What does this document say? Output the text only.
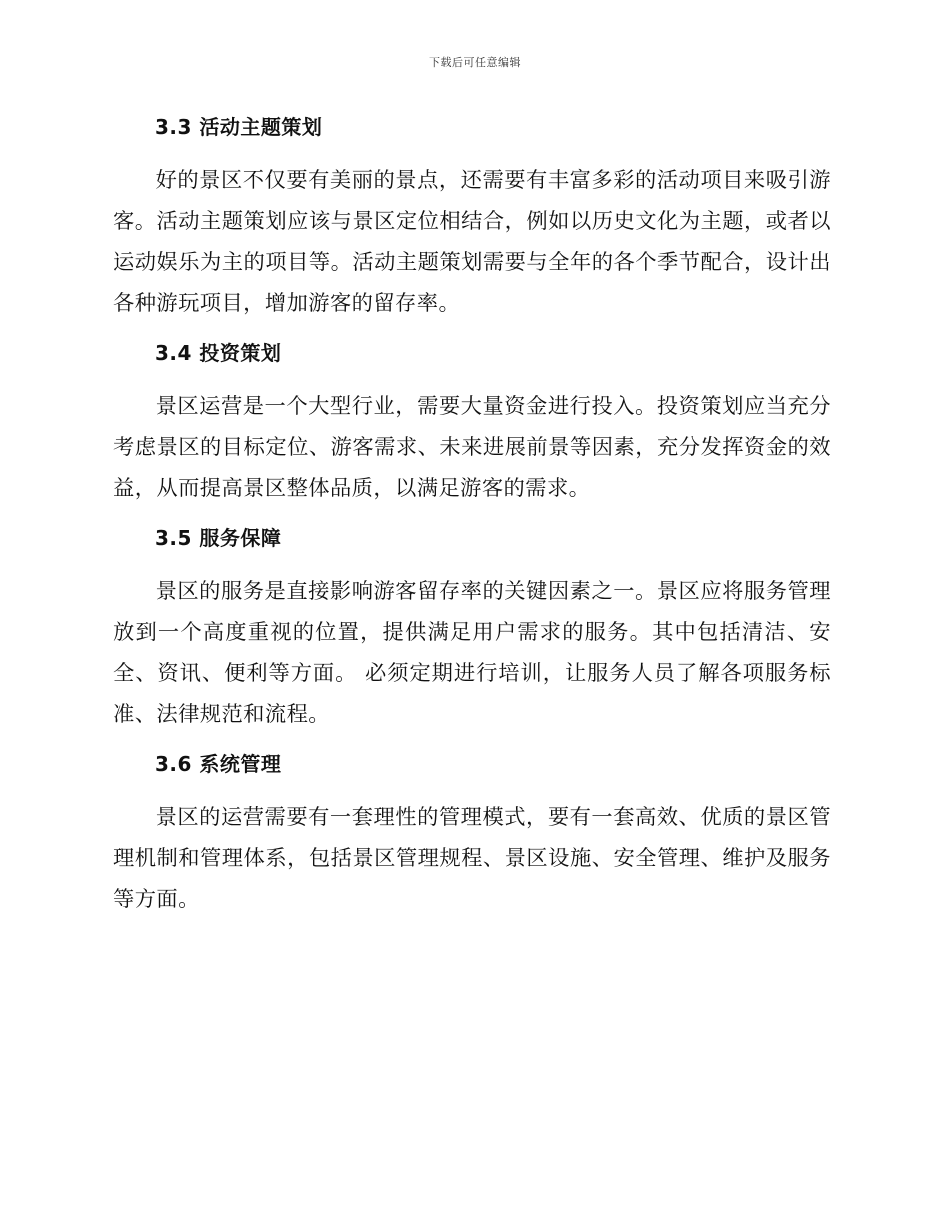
下载后可任意编辑
3.3 活动主题策划

好的景区不仅要有美丽的景点，还需要有丰富多彩的活动项目来吸引游客。活动主题策划应该与景区定位相结合，例如以历史文化为主题，或者以运动娱乐为主的项目等。活动主题策划需要与全年的各个季节配合，设计出各种游玩项目，增加游客的留存率。

3.4 投资策划

景区运营是一个大型行业，需要大量资金进行投入。投资策划应当充分考虑景区的目标定位、游客需求、未来进展前景等因素，充分发挥资金的效益，从而提高景区整体品质，以满足游客的需求。

3.5 服务保障

景区的服务是直接影响游客留存率的关键因素之一。景区应将服务管理放到一个高度重视的位置，提供满足用户需求的服务。其中包括清洁、安全、资讯、便利等方面。 必须定期进行培训，让服务人员了解各项服务标准、法律规范和流程。

3.6 系统管理

景区的运营需要有一套理性的管理模式，要有一套高效、优质的景区管理机制和管理体系，包括景区管理规程、景区设施、安全管理、维护及服务等方面。
